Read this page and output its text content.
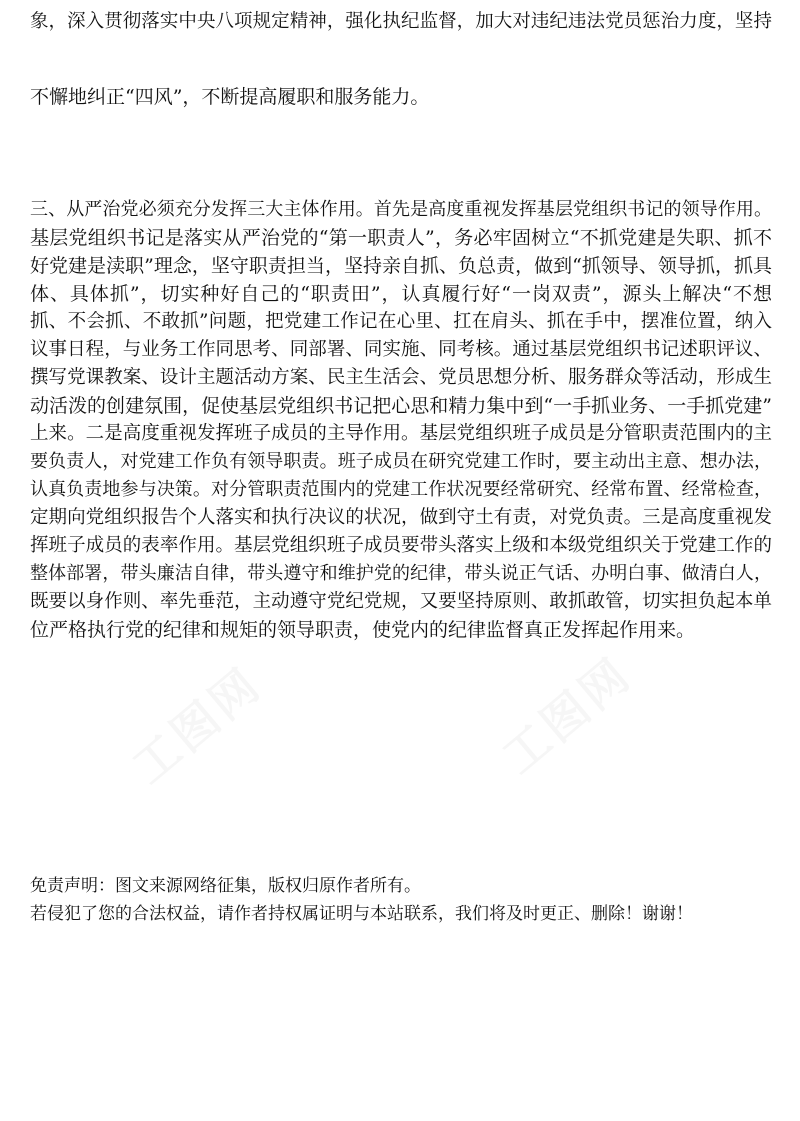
象，深入贯彻落实中央八项规定精神，强化执纪监督，加大对违纪违法党员惩治力度，坚持

不懈地纠正“四风”，不断提高履职和服务能力。

三、从严治党必须充分发挥三大主体作用。首先是高度重视发挥基层党组织书记的领导作用。

基层党组织书记是落实从严治党的“第一职责人”，务必牢固树立“不抓党建是失职、抓不

好党建是渎职”理念，坚守职责担当，坚持亲自抓、负总责，做到“抓领导、领导抓，抓具

体、具体抓”，切实种好自己的“职责田”，认真履行好“一岗双责”，源头上解决“不想

抓、不会抓、不敢抓”问题，把党建工作记在心里、扛在肩头、抓在手中，摆准位置，纳入

议事日程，与业务工作同思考、同部署、同实施、同考核。通过基层党组织书记述职评议、

撰写党课教案、设计主题活动方案、民主生活会、党员思想分析、服务群众等活动，形成生

动活泼的创建氛围，促使基层党组织书记把心思和精力集中到“一手抓业务、一手抓党建”

上来。二是高度重视发挥班子成员的主导作用。基层党组织班子成员是分管职责范围内的主

要负责人，对党建工作负有领导职责。班子成员在研究党建工作时，要主动出主意、想办法，

认真负责地参与决策。对分管职责范围内的党建工作状况要经常研究、经常布置、经常检查，

定期向党组织报告个人落实和执行决议的状况，做到守土有责，对党负责。三是高度重视发

挥班子成员的表率作用。基层党组织班子成员要带头落实上级和本级党组织关于党建工作的

整体部署，带头廉洁自律，带头遵守和维护党的纪律，带头说正气话、办明白事、做清白人，

既要以身作则、率先垂范，主动遵守党纪党规，又要坚持原则、敢抓敢管，切实担负起本单

位严格执行党的纪律和规矩的领导职责，使党内的纪律监督真正发挥起作用来。

免责声明：图文来源网络征集，版权归原作者所有。

若侵犯了您的合法权益，请作者持权属证明与本站联系，我们将及时更正、删除！谢谢！
